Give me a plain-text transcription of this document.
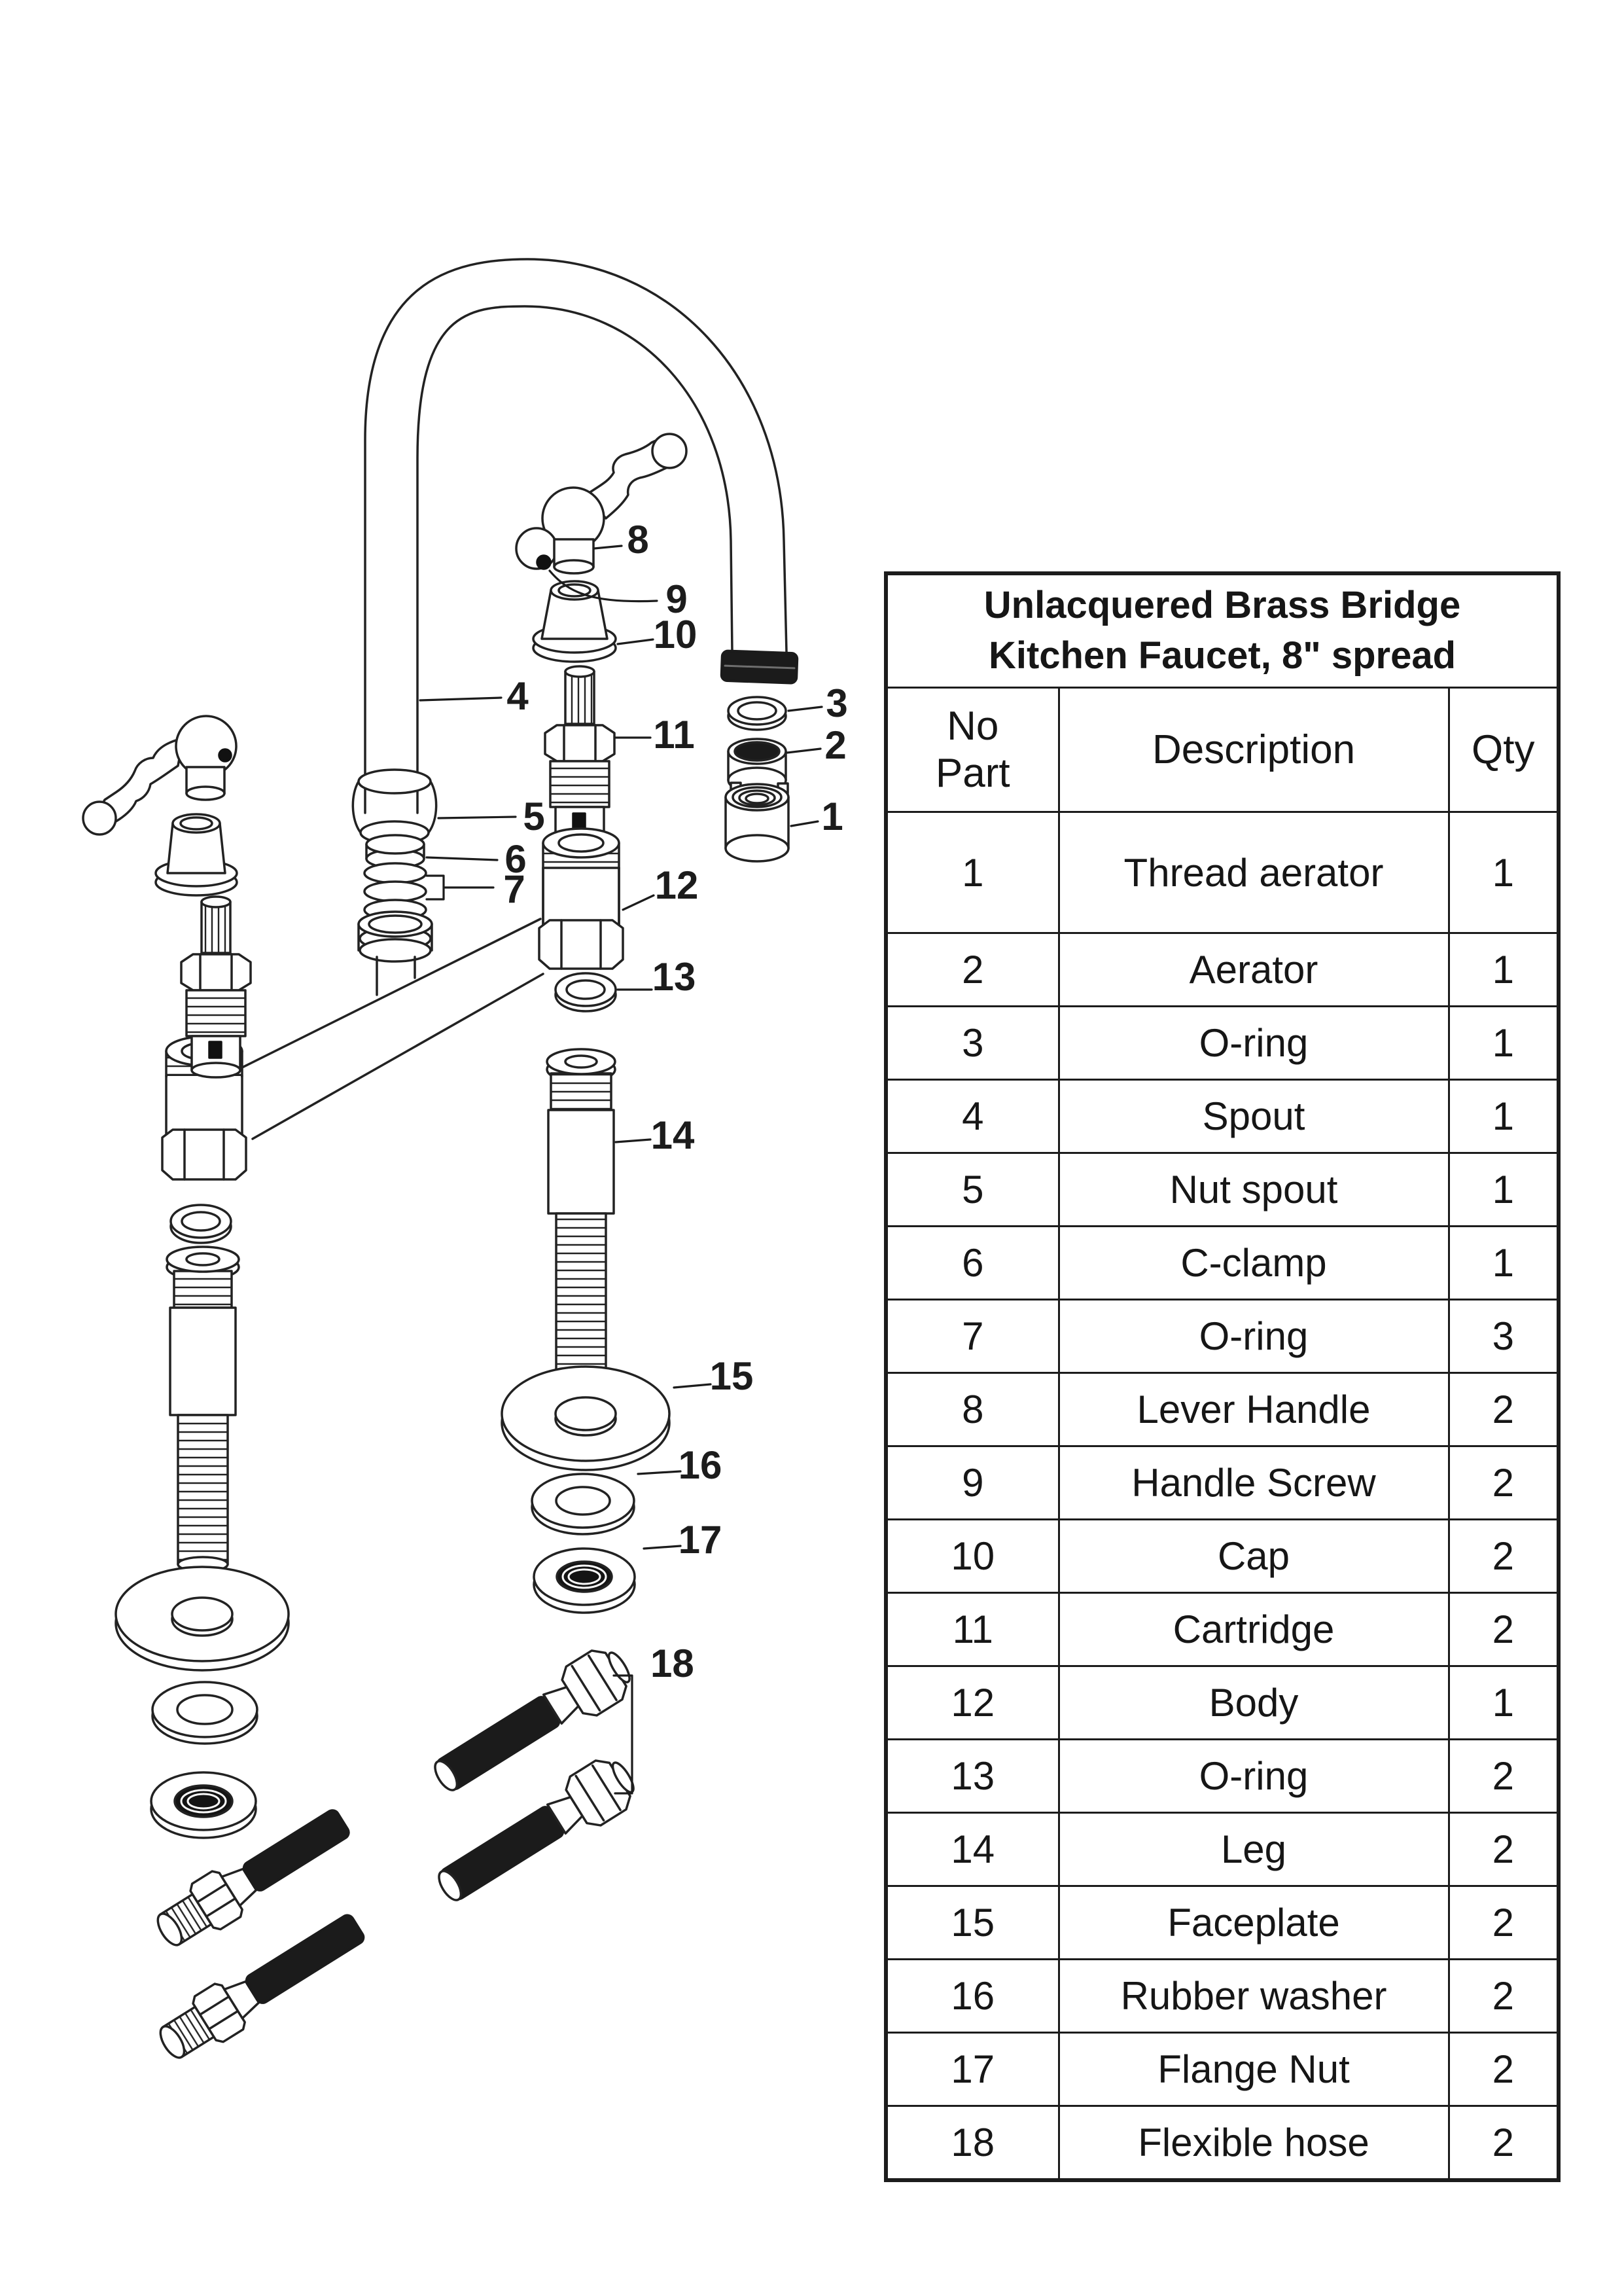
8
9
10
11
4
5
6
7
3
2
1
12
13
14
15
16
17
18
Unlacquered Brass Bridge
Kitchen Faucet, 8" spread		

No
Part	Description	Qty
1	Thread aerator	1
2	Aerator	1
3	O-ring	1
4	Spout	1
5	Nut spout	1
6	C-clamp	1
7	O-ring	3
8	Lever Handle	2
9	Handle Screw	2
10	Cap	2
11	Cartridge	2
12	Body	1
13	O-ring	2
14	Leg	2
15	Faceplate	2
16	Rubber washer	2
17	Flange Nut	2
18	Flexible hose	2
